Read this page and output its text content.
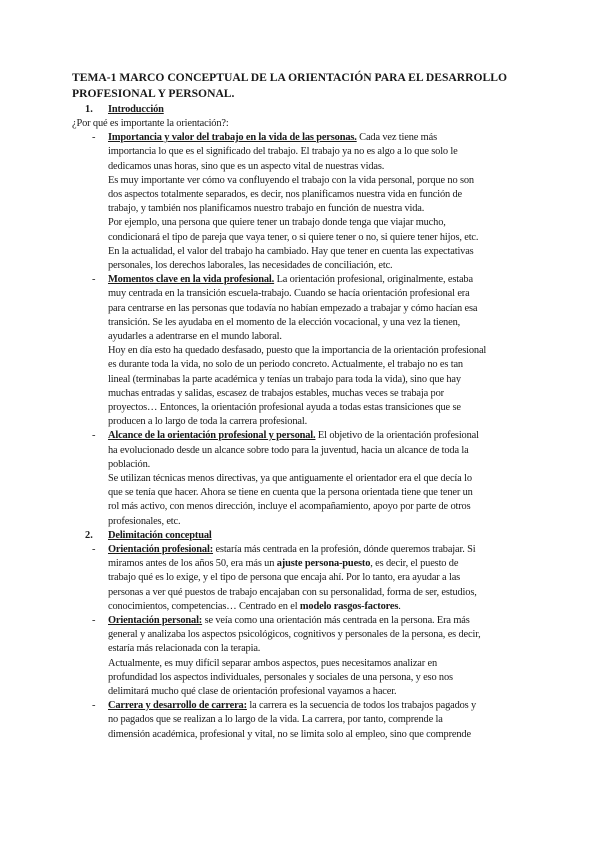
TEMA-1 MARCO CONCEPTUAL DE LA ORIENTACIÓN PARA EL DESARROLLO PROFESIONAL Y PERSONAL.
1. Introducción
¿Por qué es importante la orientación?:
- Importancia y valor del trabajo en la vida de las personas. Cada vez tiene más
importancia lo que es el significado del trabajo. El trabajo ya no es algo a lo que solo le
dedicamos unas horas, sino que es un aspecto vital de nuestras vidas.
Es muy importante ver cómo va confluyendo el trabajo con la vida personal, porque no son
dos aspectos totalmente separados, es decir, nos planificamos nuestra vida en función de
trabajo, y también nos planificamos nuestro trabajo en función de nuestra vida.
Por ejemplo, una persona que quiere tener un trabajo donde tenga que viajar mucho,
condicionará el tipo de pareja que vaya tener, o si quiere tener o no, si quiere tener hijos, etc.
En la actualidad, el valor del trabajo ha cambiado. Hay que tener en cuenta las expectativas
personales, los derechos laborales, las necesidades de conciliación, etc.
- Momentos clave en la vida profesional. La orientación profesional, originalmente, estaba
muy centrada en la transición escuela-trabajo. Cuando se hacía orientación profesional era
para centrarse en las personas que todavía no habían empezado a trabajar y cómo hacían esa
transición. Se les ayudaba en el momento de la elección vocacional, y una vez la tienen,
ayudarles a adentrarse en el mundo laboral.
Hoy en día esto ha quedado desfasado, puesto que la importancia de la orientación profesional
es durante toda la vida, no solo de un periodo concreto. Actualmente, el trabajo no es tan
lineal (terminabas la parte académica y tenías un trabajo para toda la vida), sino que hay
muchas entradas y salidas, escasez de trabajos estables, muchas veces se trabaja por
proyectos… Entonces, la orientación profesional ayuda a todas estas transiciones que se
producen a lo largo de toda la carrera profesional.
- Alcance de la orientación profesional y personal. El objetivo de la orientación profesional
ha evolucionado desde un alcance sobre todo para la juventud, hacia un alcance de toda la
población.
Se utilizan técnicas menos directivas, ya que antiguamente el orientador era el que decía lo
que se tenía que hacer. Ahora se tiene en cuenta que la persona orientada tiene que tener un
rol más activo, con menos dirección, incluye el acompañamiento, apoyo por parte de otros
profesionales, etc.
2. Delimitación conceptual
- Orientación profesional: estaría más centrada en la profesión, dónde queremos trabajar. Si
miramos antes de los años 50, era más un ajuste persona-puesto, es decir, el puesto de
trabajo qué es lo exige, y el tipo de persona que encaja ahí. Por lo tanto, era ayudar a las
personas a ver qué puestos de trabajo encajaban con su personalidad, forma de ser, estudios,
conocimientos, competencias… Centrado en el modelo rasgos-factores.
- Orientación personal: se veía como una orientación más centrada en la persona. Era más
general y analizaba los aspectos psicológicos, cognitivos y personales de la persona, es decir,
estaría más relacionada con la terapia.
Actualmente, es muy difícil separar ambos aspectos, pues necesitamos analizar en
profundidad los aspectos individuales, personales y sociales de una persona, y eso nos
delimitará mucho qué clase de orientación profesional vayamos a hacer.
- Carrera y desarrollo de carrera: la carrera es la secuencia de todos los trabajos pagados y
no pagados que se realizan a lo largo de la vida. La carrera, por tanto, comprende la
dimensión académica, profesional y vital, no se limita solo al empleo, sino que comprende
